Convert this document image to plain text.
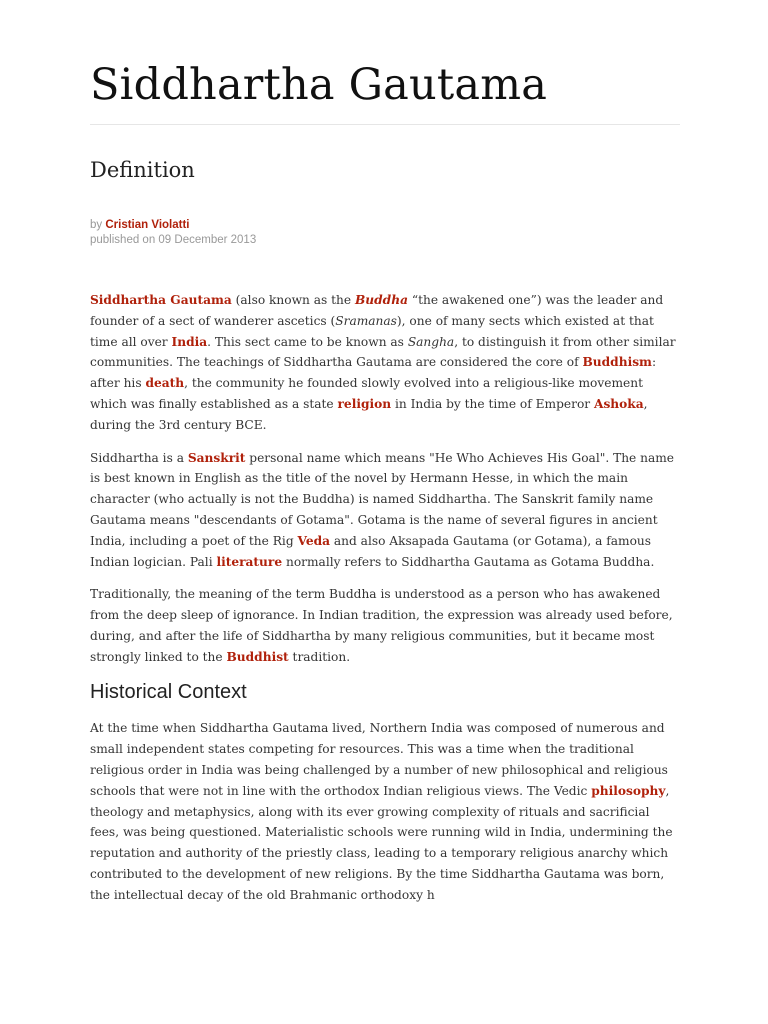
Siddhartha Gautama
Definition
by Cristian Violatti
published on 09 December 2013

Siddhartha Gautama (also known as the Buddha “the awakened one”) was the leader and founder of a sect of wanderer ascetics (Sramanas), one of many sects which existed at that time all over India. This sect came to be known as Sangha, to distinguish it from other similar communities. The teachings of Siddhartha Gautama are considered the core of Buddhism: after his death, the community he founded slowly evolved into a religious-like movement which was finally established as a state religion in India by the time of Emperor Ashoka, during the 3rd century BCE.

Siddhartha is a Sanskrit personal name which means "He Who Achieves His Goal". The name is best known in English as the title of the novel by Hermann Hesse, in which the main character (who actually is not the Buddha) is named Siddhartha. The Sanskrit family name Gautama means "descendants of Gotama". Gotama is the name of several figures in ancient India, including a poet of the Rig Veda and also Aksapada Gautama (or Gotama), a famous Indian logician. Pali literature normally refers to Siddhartha Gautama as Gotama Buddha.

Traditionally, the meaning of the term Buddha is understood as a person who has awakened from the deep sleep of ignorance. In Indian tradition, the expression was already used before, during, and after the life of Siddhartha by many religious communities, but it became most strongly linked to the Buddhist tradition.

Historical Context

At the time when Siddhartha Gautama lived, Northern India was composed of numerous and small independent states competing for resources. This was a time when the traditional religious order in India was being challenged by a number of new philosophical and religious schools that were not in line with the orthodox Indian religious views. The Vedic philosophy, theology and metaphysics, along with its ever growing complexity of rituals and sacrificial fees, was being questioned. Materialistic schools were running wild in India, undermining the reputation and authority of the priestly class, leading to a temporary religious anarchy which contributed to the development of new religions. By the time Siddhartha Gautama was born, the intellectual decay of the old Brahmanic orthodoxy h
